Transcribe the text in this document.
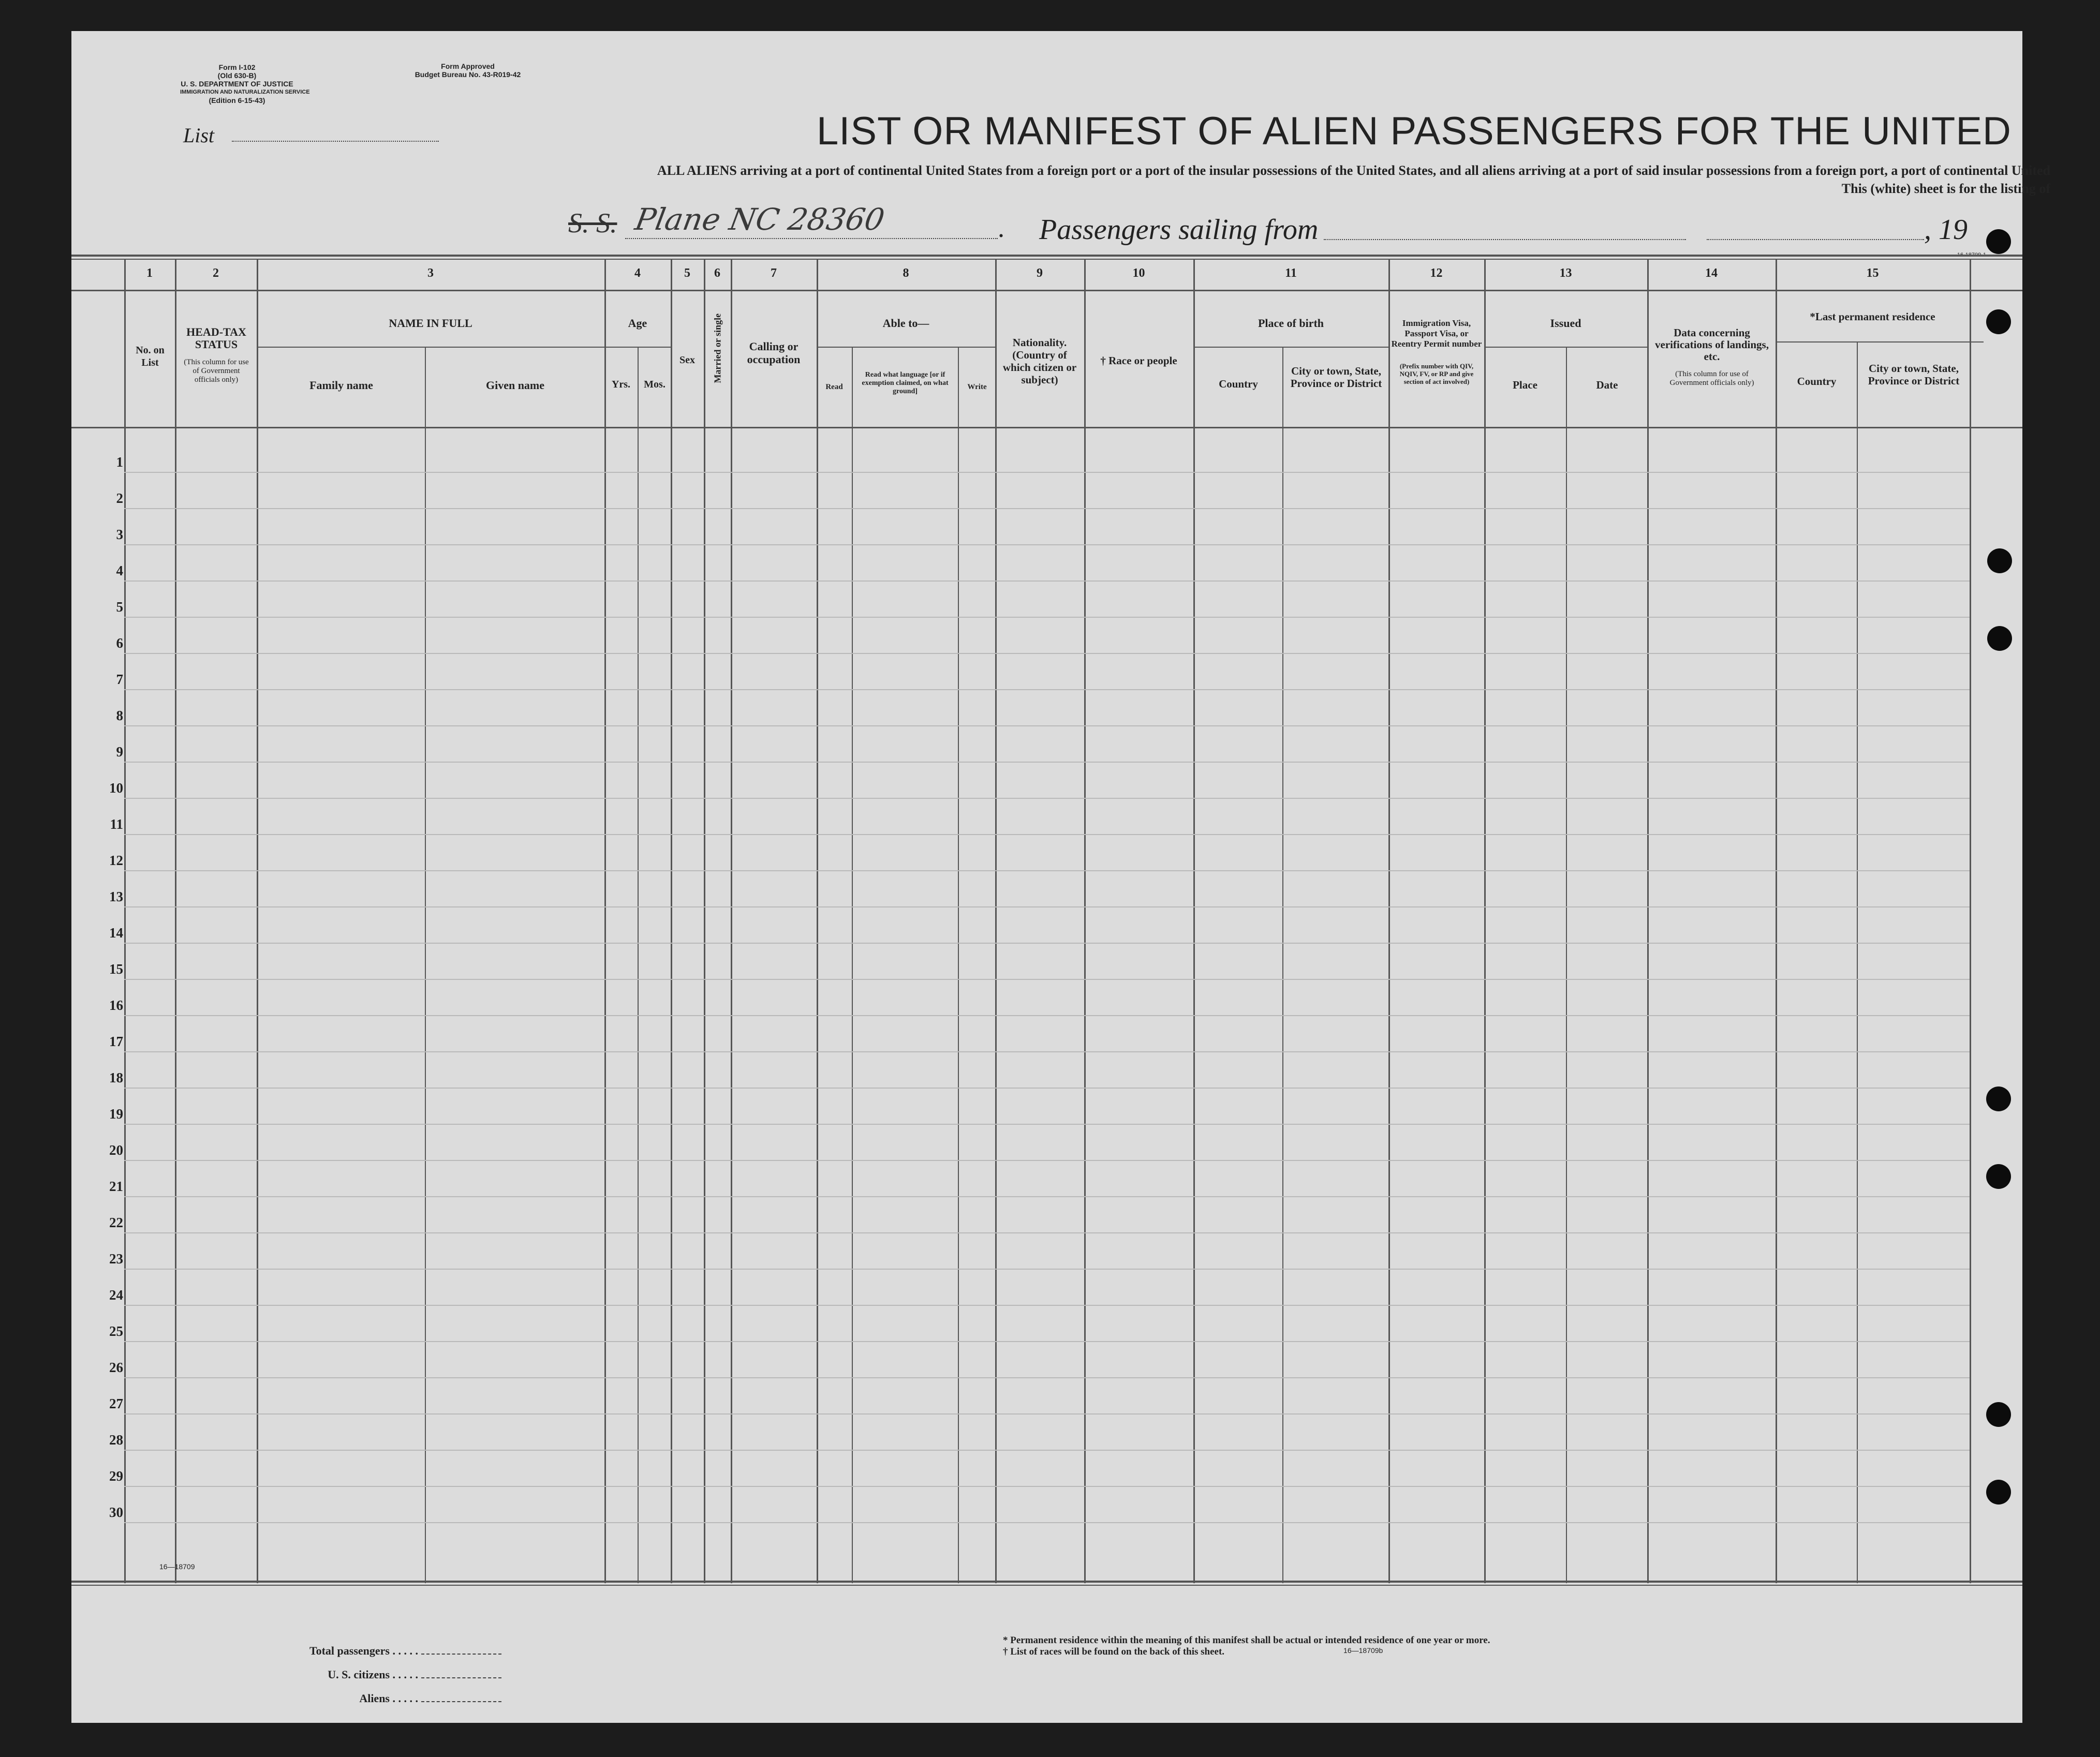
Form I-102
(Old 630-B)
U. S. DEPARTMENT OF JUSTICE
IMMIGRATION AND NATURALIZATION SERVICE
(Edition 6-15-43)
Form Approved
Budget Bureau No. 43-R019-42
List	LIST OR MANIFEST OF ALIEN PASSENGERS FOR THE UNITED
ALL ALIENS arriving at a port of continental United States from a foreign port or a port of the insular possessions of the United States, and all aliens arriving at a port of said insular possessions from a foreign port, a port of continental United
This (white) sheet is for the listing of
S. S. Plane NC 28360	. Passengers sailing from	, 19
1	2	3	4	5	6	7	8	9	10	11	12	13	14	15
No. on List
HEAD-TAX STATUS
(This column for use of Government officials only)
NAME IN FULL
Family name	Given name
Age
Yrs.	Mos.
Sex	Married or single	Calling or occupation
Able to—
Read
Read what language [or if exemption claimed, on what ground]
Write
Nationality. (Country of which citizen or subject)
† Race or people
Place of birth
Country
City or town, State, Province or District
Immigration Visa, Passport Visa, or Reentry Permit number
(Prefix number with QIV, NQIV, FV, or RP and give section of act involved)
Issued
Place	Date
Data concerning verifications of landings, etc.
(This column for use of Government officials only)
*Last permanent residence
Country
City or town, State, Province or District
1
2
3
4
5
6
7
8
9
10
11
12
13
14
15
16
17
18
19
20
21
22
23
24
25
26
27
28
29
30
16—18709
Total passengers . . . . .
U. S. citizens . . . . .
Aliens . . . . .
* Permanent residence within the meaning of this manifest shall be actual or intended residence of one year or more.
† List of races will be found on the back of this sheet.	16—18709b
